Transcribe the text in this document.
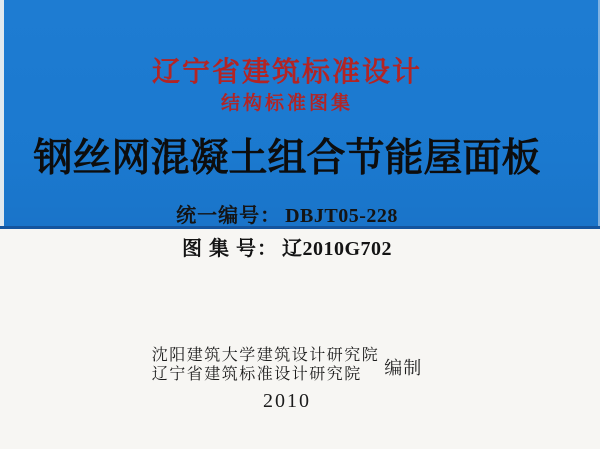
辽宁省建筑标准设计
结构标准图集
钢丝网混凝土组合节能屋面板
统一编号： DBJT05-228
图 集 号： 辽2010G702
沈阳建筑大学建筑设计研究院
辽宁省建筑标准设计研究院	编制
2010
